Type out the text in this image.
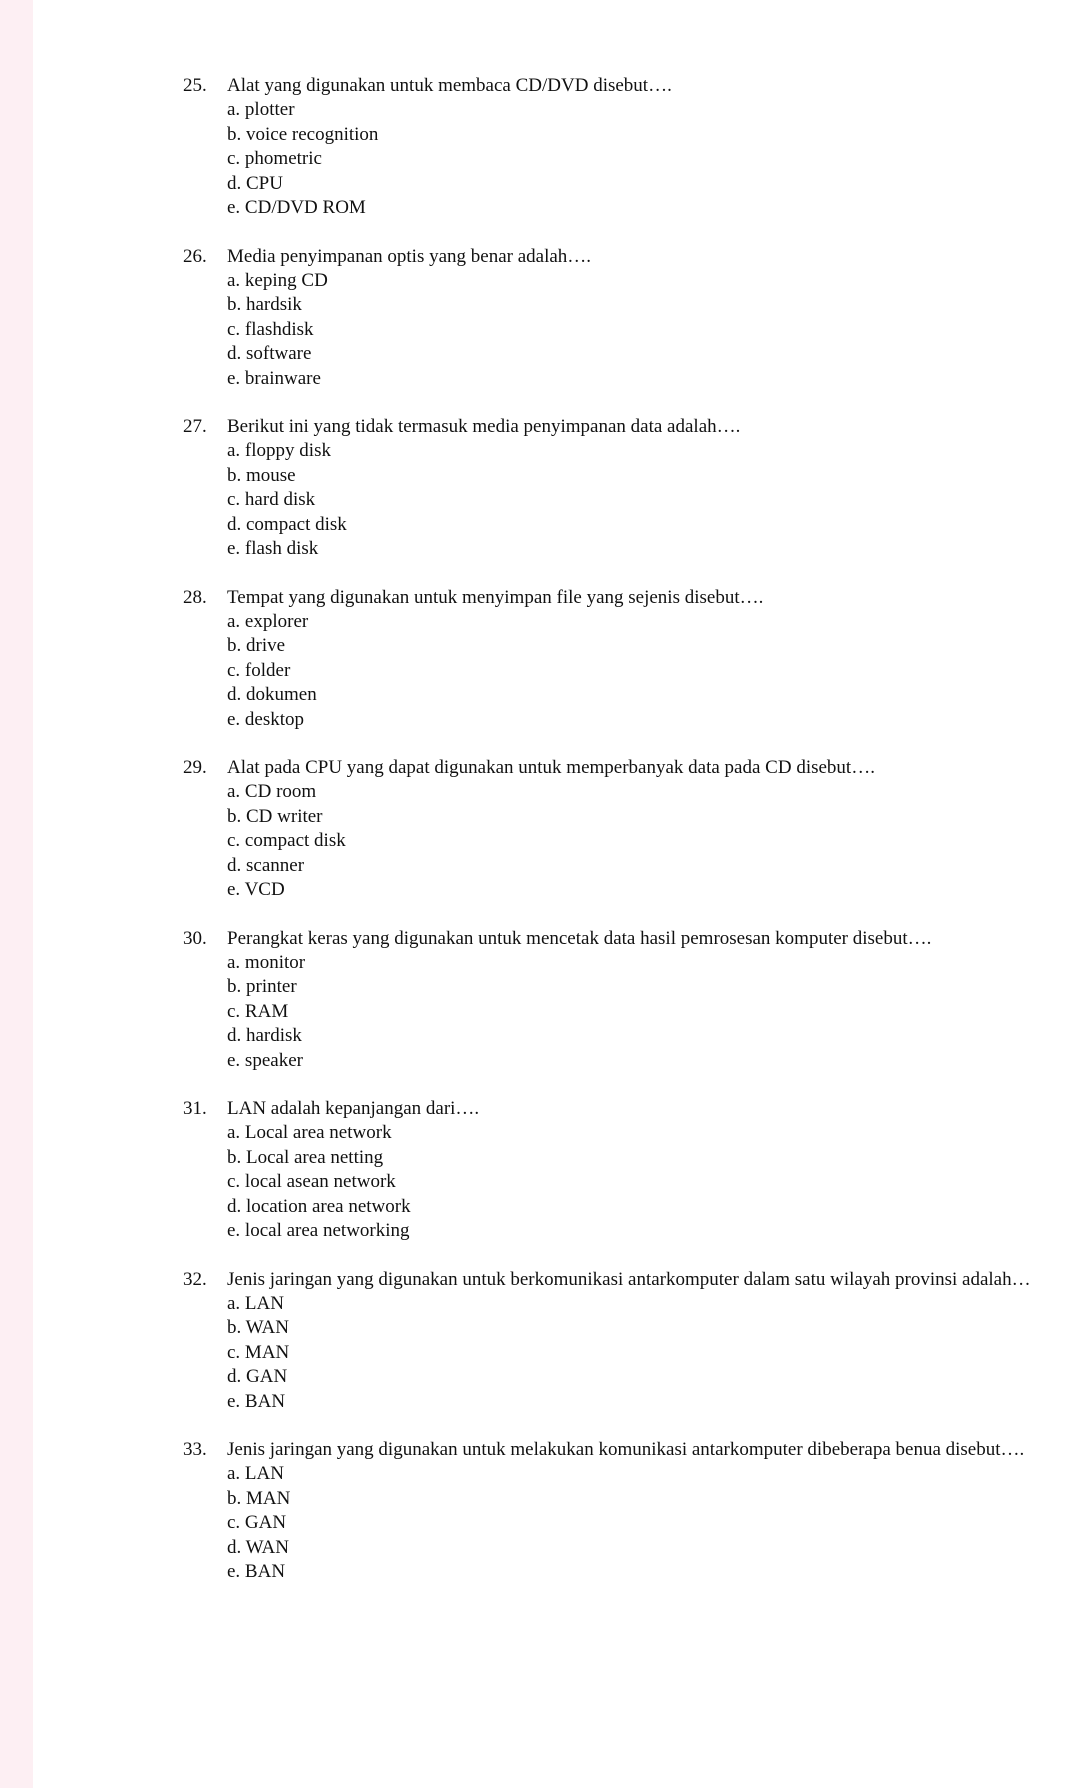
25.	Alat yang digunakan untuk membaca CD/DVD disebut….
a. plotter
b. voice recognition
c. phometric
d. CPU
e. CD/DVD ROM
26.	Media penyimpanan optis yang benar adalah….
a. keping CD
b. hardsik
c. flashdisk
d. software
e. brainware
27.	Berikut ini yang tidak termasuk media penyimpanan data adalah….
a. floppy disk
b. mouse
c. hard disk
d. compact disk
e. flash disk
28.	Tempat yang digunakan untuk menyimpan file yang sejenis disebut….
a. explorer
b. drive
c. folder
d. dokumen
e. desktop
29.	Alat pada CPU yang dapat digunakan untuk memperbanyak data pada CD disebut….
a. CD room
b. CD writer
c. compact disk
d. scanner
e. VCD
30.	Perangkat keras yang digunakan untuk mencetak data hasil pemrosesan komputer disebut….
a. monitor
b. printer
c. RAM
d. hardisk
e. speaker
31.	LAN adalah kepanjangan dari….
a. Local area network
b. Local area netting
c. local asean network
d. location area network
e. local area networking
32.	Jenis jaringan yang digunakan untuk berkomunikasi antarkomputer dalam satu wilayah provinsi adalah…
a. LAN
b. WAN
c. MAN
d. GAN
e. BAN
33.	Jenis jaringan yang digunakan untuk melakukan komunikasi antarkomputer dibeberapa benua disebut….
a. LAN
b. MAN
c. GAN
d. WAN
e. BAN
